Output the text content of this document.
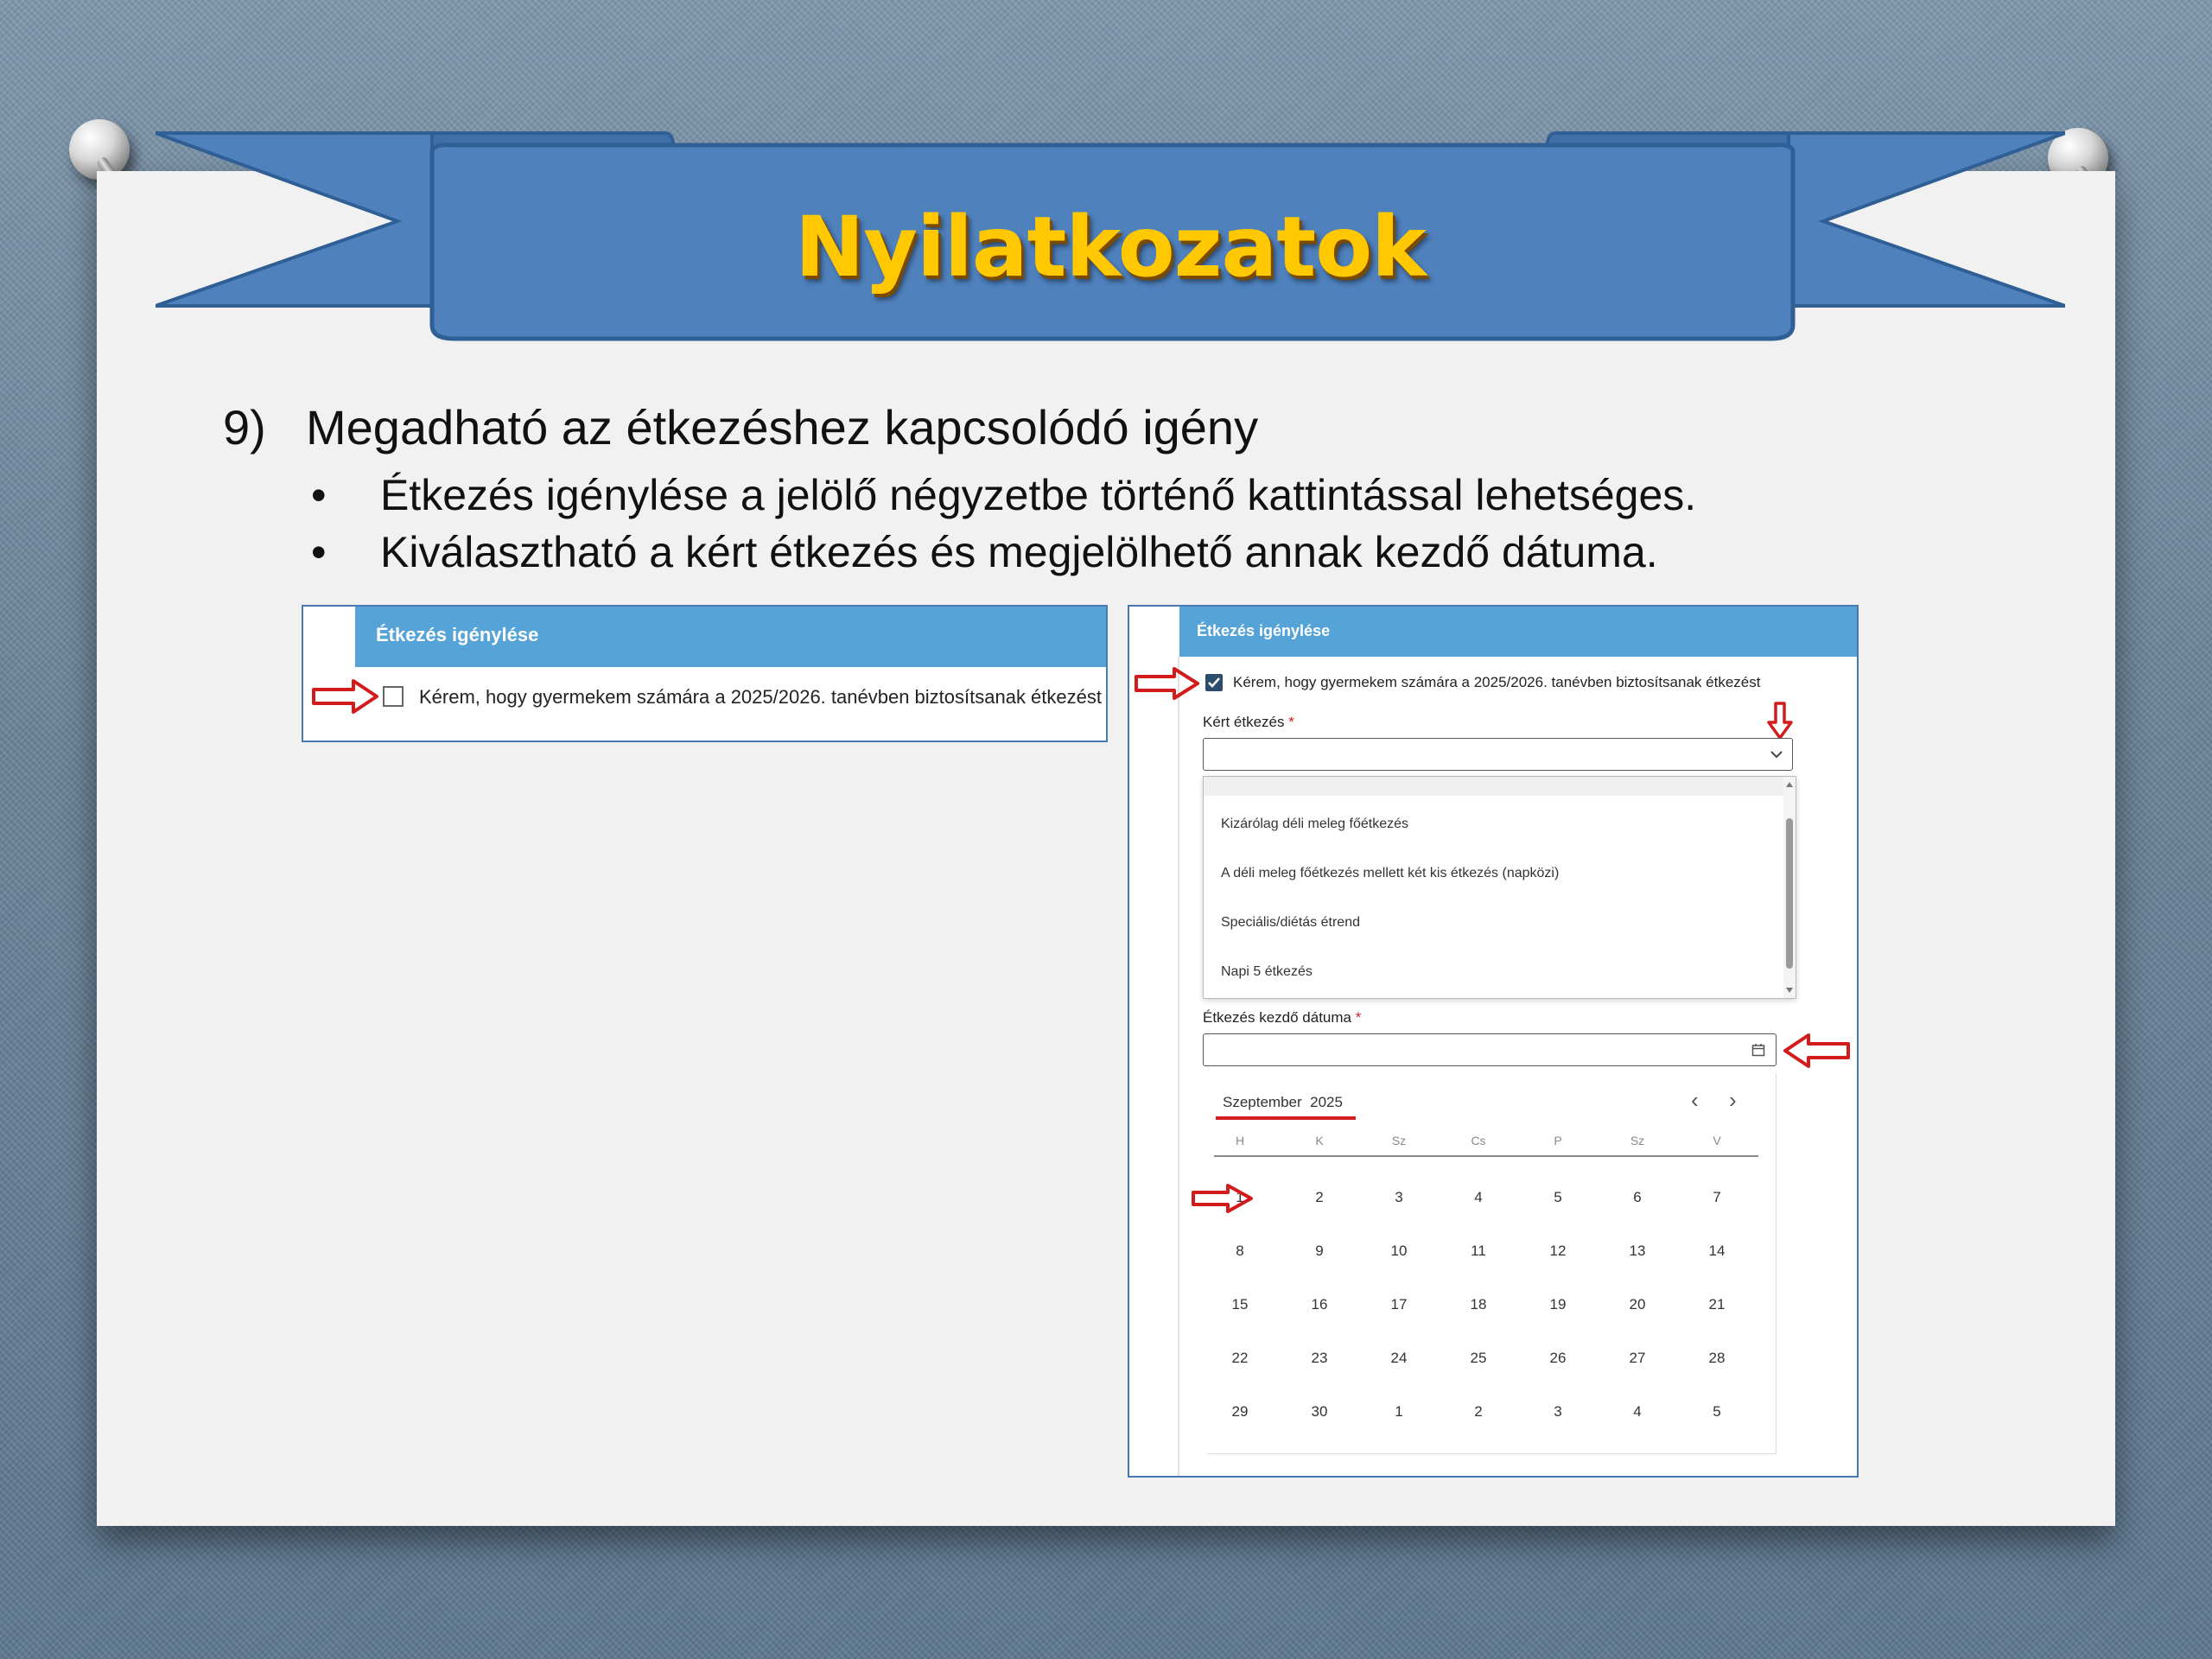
Nyilatkozatok
9) Megadható az étkezéshez kapcsolódó igény
• Étkezés igénylése a jelölő négyzetbe történő kattintással lehetséges.
• Kiválasztható a kért étkezés és megjelölhető annak kezdő dátuma.
Étkezés igénylése
Kérem, hogy gyermekem számára a 2025/2026. tanévben biztosítsanak étkezést
Étkezés igénylése
Kérem, hogy gyermekem számára a 2025/2026. tanévben biztosítsanak étkezést
Kért étkezés *
Kizárólag déli meleg főétkezés
A déli meleg főétkezés mellett két kis étkezés (napközi)
Speciális/diétás étrend
Napi 5 étkezés
Étkezés kezdő dátuma *
Szeptember 2025	‹ ›
H	K	Sz	Cs	P	Sz	V
1	2	3	4	5	6	7
8	9	10	11	12	13	14
15	16	17	18	19	20	21
22	23	24	25	26	27	28
29	30	1	2	3	4	5
